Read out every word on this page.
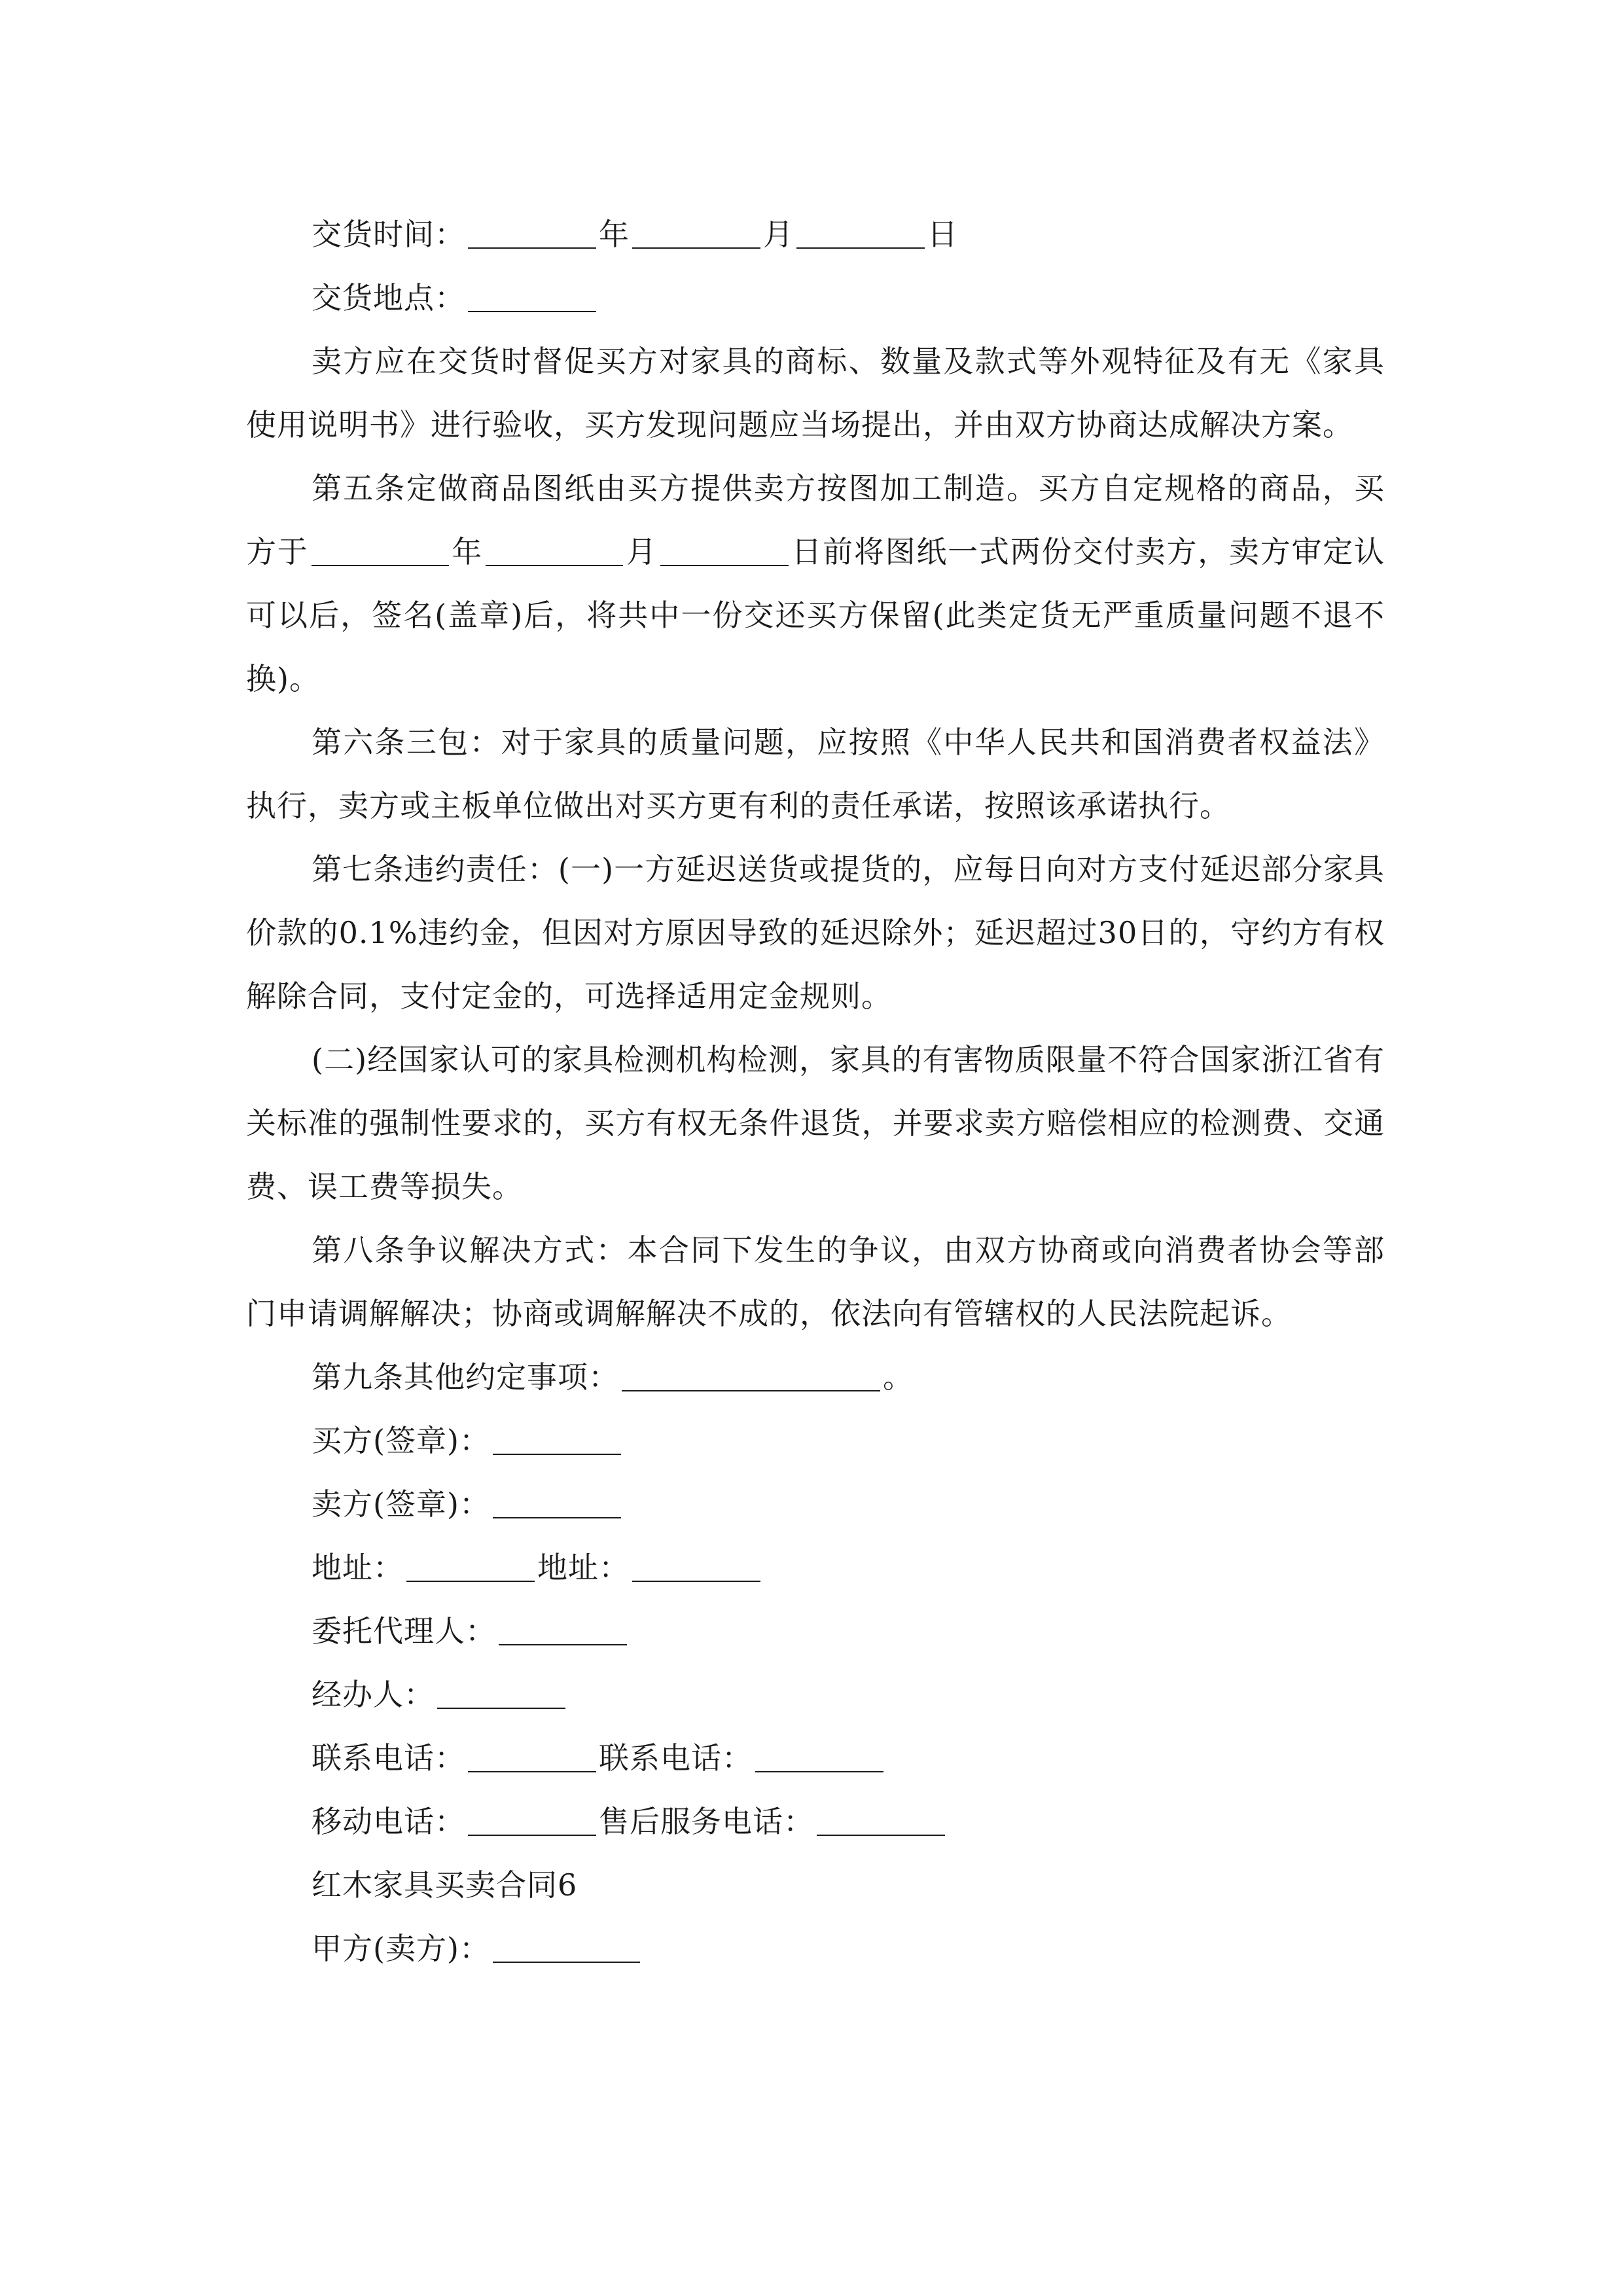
交货时间：	年	月	日
交货地点：
卖方应在交货时督促买方对家具的商标、数量及款式等外观特征及有无《家具使用说明书》进行验收，买方发现问题应当场提出，并由双方协商达成解决方案。
第五条定做商品图纸由买方提供卖方按图加工制造。买方自定规格的商品，买方于	年	月	日前将图纸一式两份交付卖方，卖方审定认可以后，签名(盖章)后，将共中一份交还买方保留(此类定货无严重质量问题不退不换)。
第六条三包：对于家具的质量问题，应按照《中华人民共和国消费者权益法》执行，卖方或主板单位做出对买方更有利的责任承诺，按照该承诺执行。
第七条违约责任：(一)一方延迟送货或提货的，应每日向对方支付延迟部分家具价款的0.1%违约金，但因对方原因导致的延迟除外；延迟超过30日的，守约方有权解除合同，支付定金的，可选择适用定金规则。
(二)经国家认可的家具检测机构检测，家具的有害物质限量不符合国家浙江省有关标准的强制性要求的，买方有权无条件退货，并要求卖方赔偿相应的检测费、交通费、误工费等损失。
第八条争议解决方式：本合同下发生的争议，由双方协商或向消费者协会等部门申请调解解决；协商或调解解决不成的，依法向有管辖权的人民法院起诉。
第九条其他约定事项：	。
买方(签章)：
卖方(签章)：
地址：	地址：
委托代理人：
经办人：
联系电话：	联系电话：
移动电话：	售后服务电话：
红木家具买卖合同6
甲方(卖方)：
